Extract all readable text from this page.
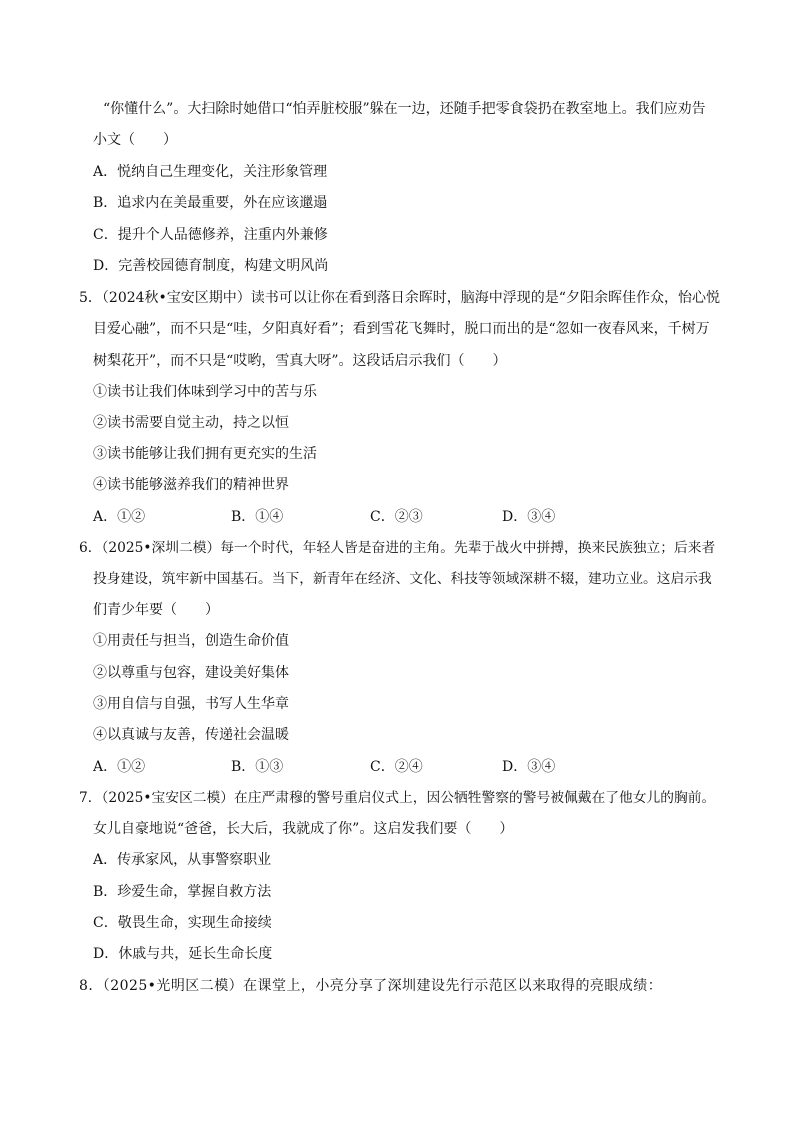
“你懂什么”。大扫除时她借口“怕弄脏校服”躲在一边，还随手把零食袋扔在教室地上。我们应劝告
小文（　　）
A．悦纳自己生理变化，关注形象管理
B．追求内在美最重要，外在应该邋遢
C．提升个人品德修养，注重内外兼修
D．完善校园德育制度，构建文明风尚
5．（2024秋•宝安区期中）读书可以让你在看到落日余晖时，脑海中浮现的是“夕阳余晖佳作众，怡心悦
目爱心融”，而不只是“哇，夕阳真好看”；看到雪花飞舞时，脱口而出的是“忽如一夜春风来，千树万
树梨花开”，而不只是“哎哟，雪真大呀”。这段话启示我们（　　）
①读书让我们体味到学习中的苦与乐
②读书需要自觉主动，持之以恒
③读书能够让我们拥有更充实的生活
④读书能够滋养我们的精神世界
A．①②	B．①④	C．②③	D．③④
6．（2025•深圳二模）每一个时代，年轻人皆是奋进的主角。先辈于战火中拼搏，换来民族独立；后来者
投身建设，筑牢新中国基石。当下，新青年在经济、文化、科技等领域深耕不辍，建功立业。这启示我
们青少年要（　　）
①用责任与担当，创造生命价值
②以尊重与包容，建设美好集体
③用自信与自强，书写人生华章
④以真诚与友善，传递社会温暖
A．①②	B．①③	C．②④	D．③④
7．（2025•宝安区二模）在庄严肃穆的警号重启仪式上，因公牺牲警察的警号被佩戴在了他女儿的胸前。
女儿自豪地说“爸爸，长大后，我就成了你”。这启发我们要（　　）
A．传承家风，从事警察职业
B．珍爱生命，掌握自救方法
C．敬畏生命，实现生命接续
D．休戚与共，延长生命长度
8．（2025•光明区二模）在课堂上，小亮分享了深圳建设先行示范区以来取得的亮眼成绩：
